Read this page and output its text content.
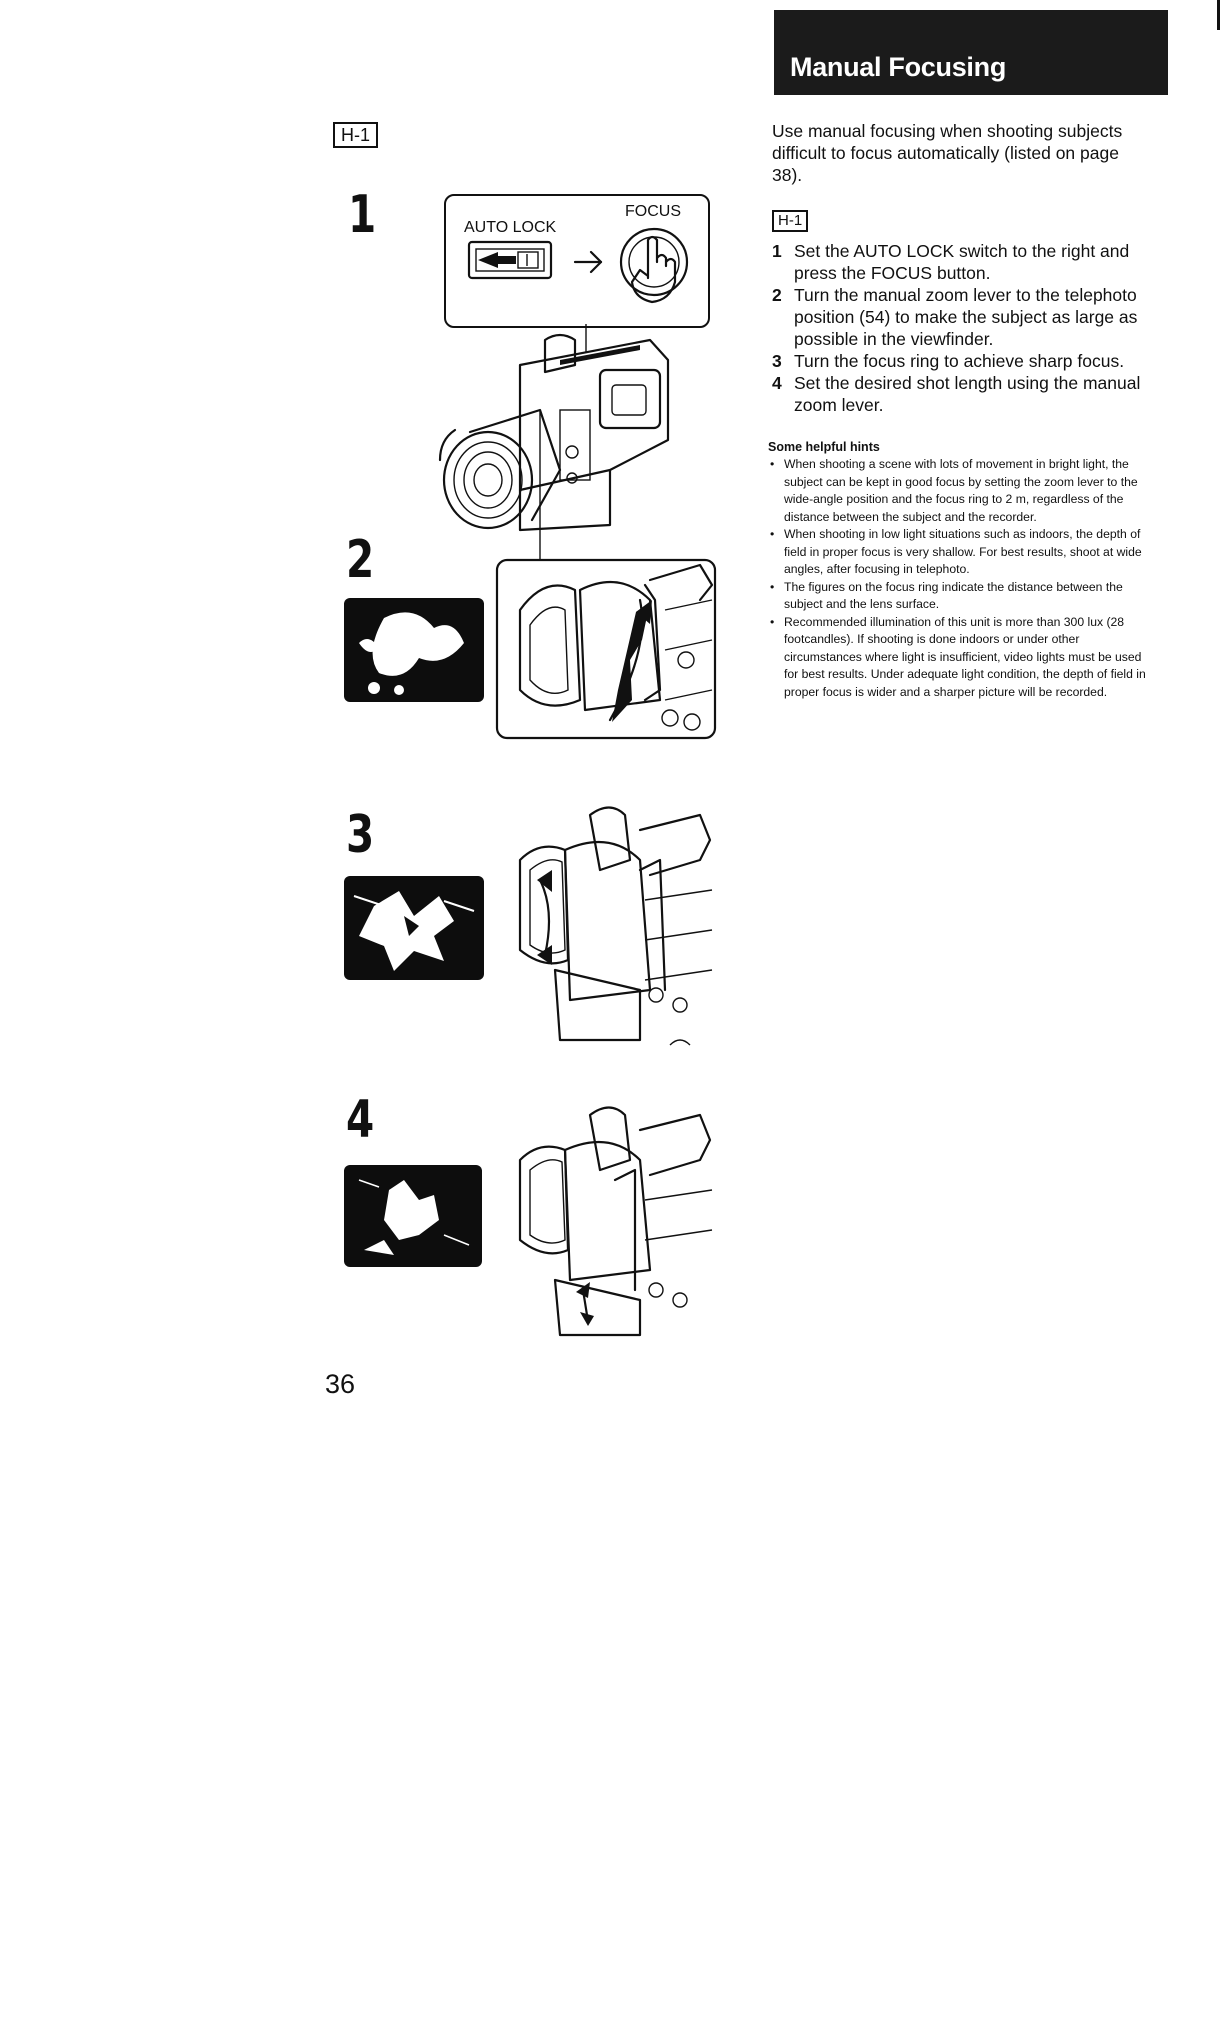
Manual Focusing
H-1
1
2
3
4
AUTO LOCK
FOCUS
Use manual focusing when shooting subjects difficult to focus automatically (listed on page 38).
H-1
1 Set the AUTO LOCK switch to the right and press the FOCUS button.
2 Turn the manual zoom lever to the telephoto position (54) to make the subject as large as possible in the viewfinder.
3 Turn the focus ring to achieve sharp focus.
4 Set the desired shot length using the manual zoom lever.
Some helpful hints
• When shooting a scene with lots of movement in bright light, the subject can be kept in good focus by setting the zoom lever to the wide-angle position and the focus ring to 2 m, regardless of the distance between the subject and the recorder.
• When shooting in low light situations such as indoors, the depth of field in proper focus is very shallow. For best results, shoot at wide angles, after focusing in telephoto.
• The figures on the focus ring indicate the distance between the subject and the lens surface.
• Recommended illumination of this unit is more than 300 lux (28 footcandles). If shooting is done indoors or under other circumstances where light is insufficient, video lights must be used for best results. Under adequate light condition, the depth of field in proper focus is wider and a sharper picture will be recorded.
36
